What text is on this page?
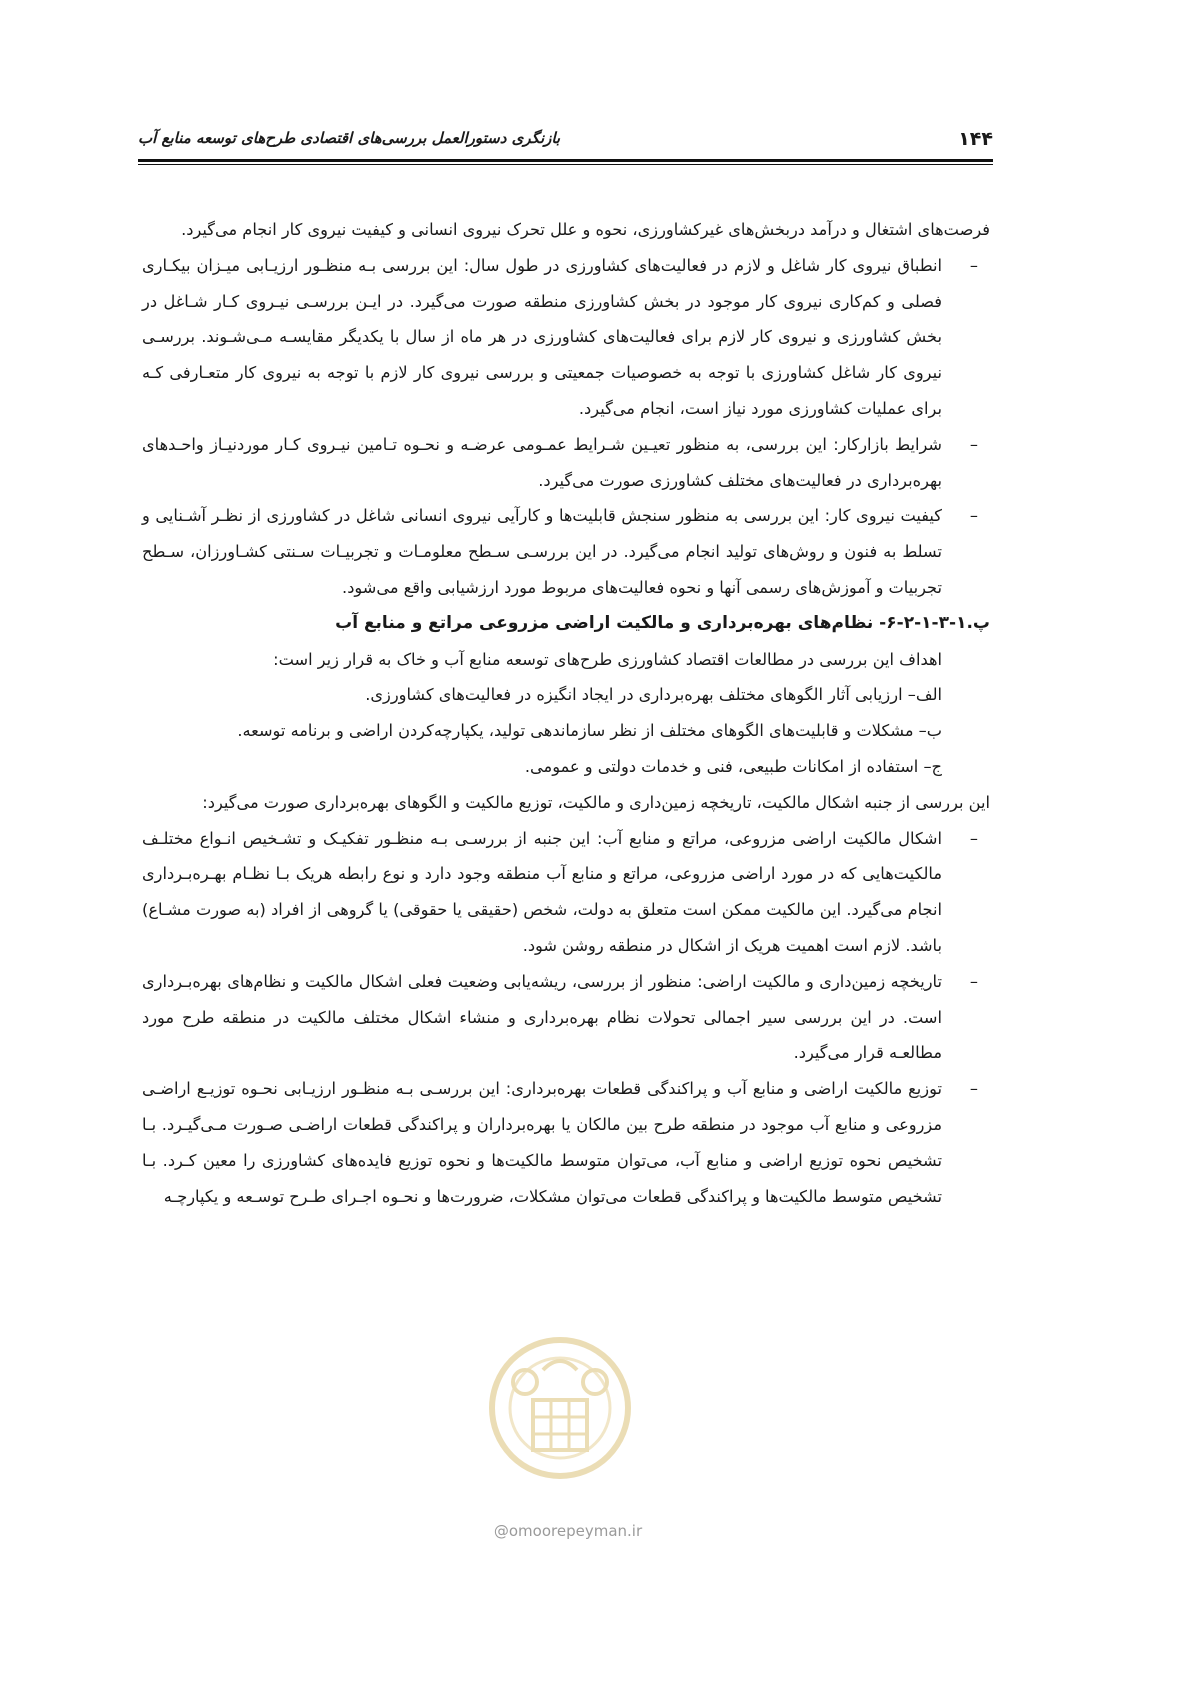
۱۴۴
بازنگری دستورالعمل بررسی‌های اقتصادی طرح‌های توسعه منابع آب

فرصت‌های اشتغال و درآمد دربخش‌های غیرکشاورزی، نحوه و علل تحرک نیروی انسانی و کیفیت نیروی کار انجام می‌گیرد.

–

انطباق نیروی کار شاغل و لازم در فعالیت‌های کشاورزی در طول سال: این بررسی بـه منظـور ارزیـابی میـزان بیکـاری فصلی و کم‌کاری نیروی کار موجود در بخش کشاورزی منطقه صورت می‌گیرد. در ایـن بررسـی نیـروی کـار شـاغل در بخش کشاورزی و نیروی کار لازم برای فعالیت‌های کشاورزی در هر ماه از سال با یکدیگر مقایسـه مـی‌شـوند. بررسـی نیروی کار شاغل کشاورزی با توجه به خصوصیات جمعیتی و بررسی نیروی کار لازم با توجه به نیروی کار متعـارفی کـه برای عملیات کشاورزی مورد نیاز است، انجام می‌گیرد.

–

شرایط بازارکار: این بررسی، به منظور تعیـین شـرایط عمـومی عرضـه و نحـوه تـامین نیـروی کـار موردنیـاز واحـدهای بهره‌برداری در فعالیت‌های مختلف کشاورزی صورت می‌گیرد.

–

کیفیت نیروی کار: این بررسی به منظور سنجش قابلیت‌ها و کارآیی نیروی انسانی شاغل در کشاورزی از نظـر آشـنایی و تسلط به فنون و روش‌های تولید انجام می‌گیرد. در این بررسـی سـطح معلومـات و تجربیـات سـنتی کشـاورزان، سـطح تجربیات و آموزش‌های رسمی آنها و نحوه فعالیت‌های مربوط مورد ارزشیابی واقع می‌شود.

پ.۱-۳-۱-۲-۶- نظام‌های بهره‌برداری و مالکیت اراضی مزروعی مراتع و منابع آب

اهداف این بررسی در مطالعات اقتصاد کشاورزی طرح‌های توسعه منابع آب و خاک به قرار زیر است:

الف– ارزیابی آثار الگوهای مختلف بهره‌برداری در ایجاد انگیزه در فعالیت‌های کشاورزی.

ب– مشکلات و قابلیت‌های الگوهای مختلف از نظر سازماندهی تولید، یکپارچه‌کردن اراضی و برنامه توسعه.

ج– استفاده از امکانات طبیعی، فنی و خدمات دولتی و عمومی.

این بررسی از جنبه اشکال مالکیت، تاریخچه زمین‌داری و مالکیت، توزیع مالکیت و الگوهای بهره‌برداری صورت می‌گیرد:

–

اشکال مالکیت اراضی مزروعی، مراتع و منابع آب: این جنبه از بررسـی بـه منظـور تفکیـک و تشـخیص انـواع مختلـف مالکیت‌هایی که در مورد اراضی مزروعی، مراتع و منابع آب منطقه وجود دارد و نوع رابطه هریک بـا نظـام بهـره‌بـرداری انجام می‌گیرد. این مالکیت ممکن است متعلق به دولت، شخص (حقیقی یا حقوقی) یا گروهی از افراد (به صورت مشـاع) باشد. لازم است اهمیت هریک از اشکال در منطقه روشن شود.

–

تاریخچه زمین‌داری و مالکیت اراضی: منظور از بررسی، ریشه‌یابی وضعیت فعلی اشکال مالکیت و نظام‌های بهره‌بـرداری است. در این بررسی سیر اجمالی تحولات نظام بهره‌برداری و منشاء اشکال مختلف مالکیت در منطقه طرح مورد مطالعـه قرار می‌گیرد.

–

توزیع مالکیت اراضی و منابع آب و پراکندگی قطعات بهره‌برداری: این بررسـی بـه منظـور ارزیـابی نحـوه توزیـع اراضـی مزروعی و منابع آب موجود در منطقه طرح بین مالکان یا بهره‌برداران و پراکندگی قطعات اراضـی صـورت مـی‌گیـرد. بـا تشخیص نحوه توزیع اراضی و منابع آب، می‌توان متوسط مالکیت‌ها و نحوه توزیع فایده‌های کشاورزی را معین کـرد. بـا تشخیص متوسط مالکیت‌ها و پراکندگی قطعات می‌توان مشکلات، ضرورت‌ها و نحـوه اجـرای طـرح توسـعه و یکپارچـه

@omoorepeyman.ir
